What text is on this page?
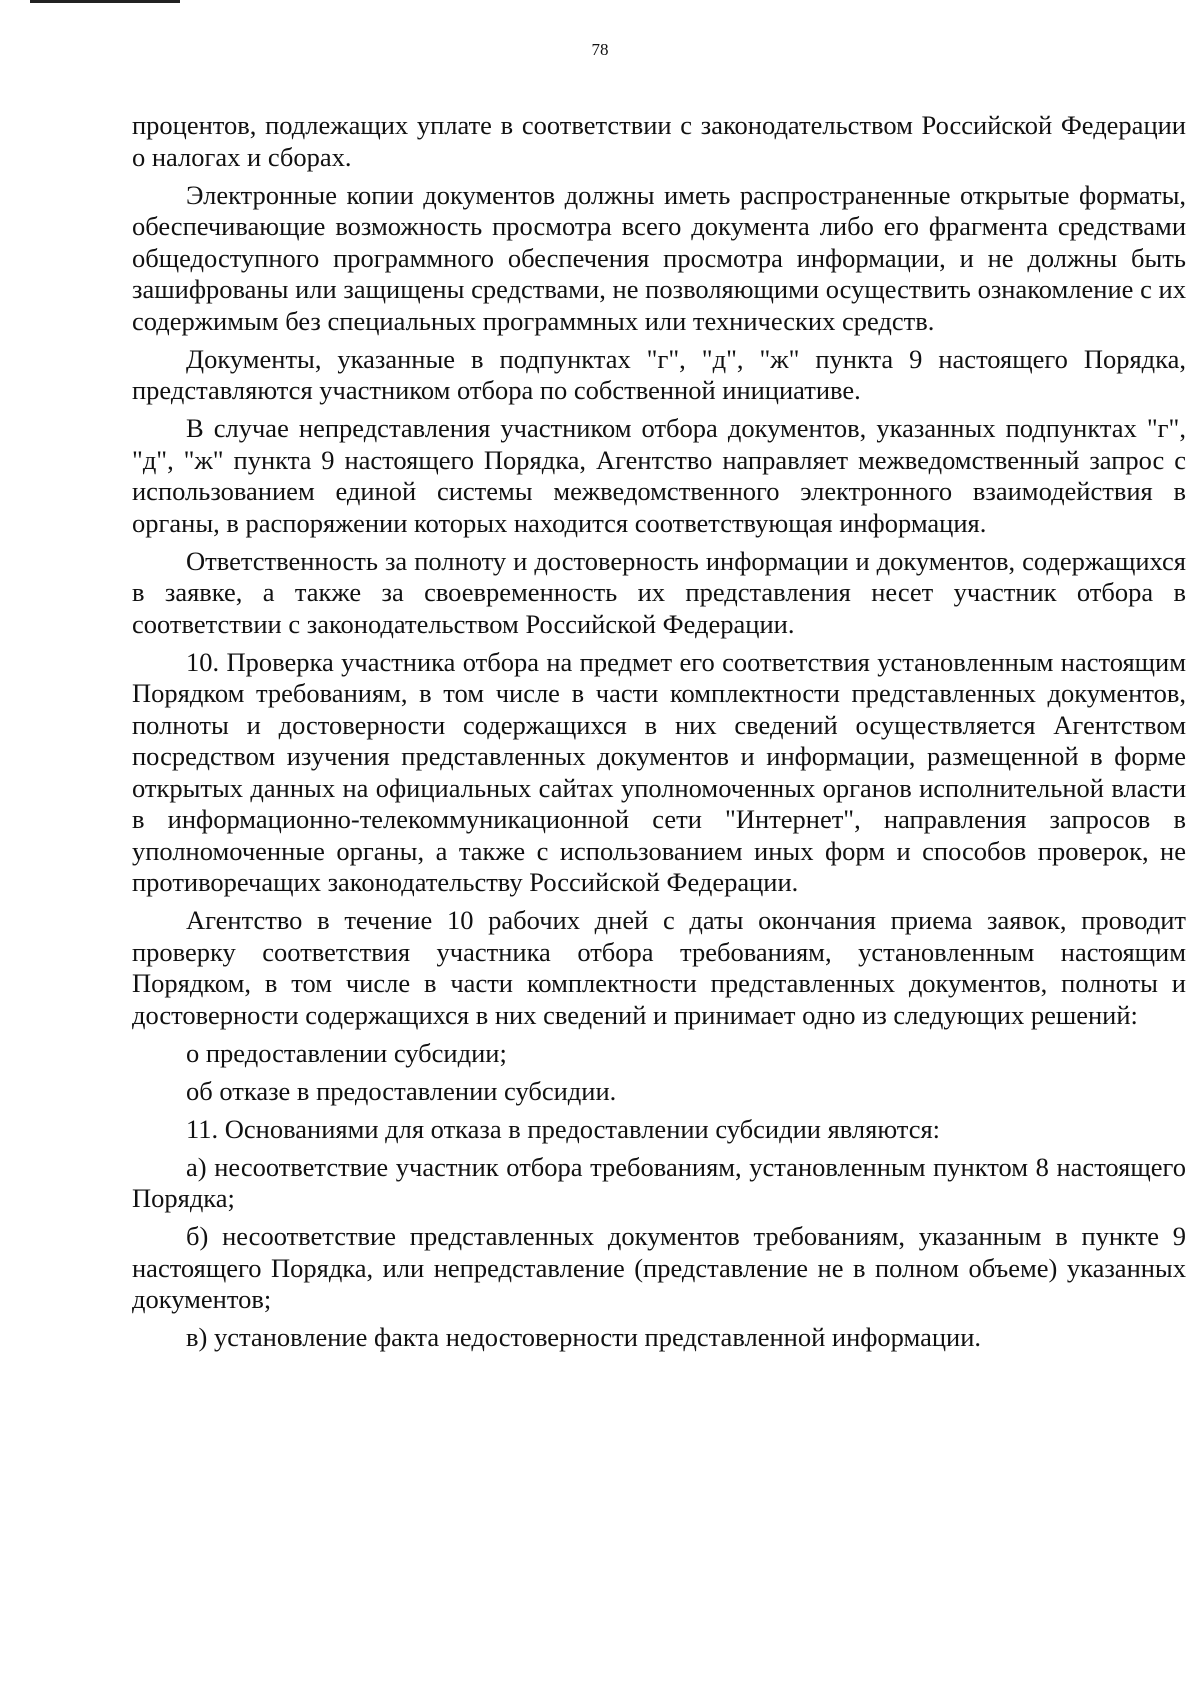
78

процентов, подлежащих уплате в соответствии с законодательством Российской Федерации о налогах и сборах.

Электронные копии документов должны иметь распространенные открытые форматы, обеспечивающие возможность просмотра всего документа либо его фрагмента средствами общедоступного программного обеспечения просмотра информации, и не должны быть зашифрованы или защищены средствами, не позволяющими осуществить ознакомление с их содержимым без специальных программных или технических средств.

Документы, указанные в подпунктах "г", "д", "ж" пункта 9 настоящего Порядка, представляются участником отбора по собственной инициативе.

В случае непредставления участником отбора документов, указанных подпунктах "г", "д", "ж" пункта 9 настоящего Порядка, Агентство направляет межведомственный запрос с использованием единой системы межведомственного электронного взаимодействия в органы, в распоряжении которых находится соответствующая информация.

Ответственность за полноту и достоверность информации и документов, содержащихся в заявке, а также за своевременность их представления несет участник отбора в соответствии с законодательством Российской Федерации.

10. Проверка участника отбора на предмет его соответствия установленным настоящим Порядком требованиям, в том числе в части комплектности представленных документов, полноты и достоверности содержащихся в них сведений осуществляется Агентством посредством изучения представленных документов и информации, размещенной в форме открытых данных на официальных сайтах уполномоченных органов исполнительной власти в информационно-телекоммуникационной сети "Интернет", направления запросов в уполномоченные органы, а также с использованием иных форм и способов проверок, не противоречащих законодательству Российской Федерации.

Агентство в течение 10 рабочих дней с даты окончания приема заявок, проводит проверку соответствия участника отбора требованиям, установленным настоящим Порядком, в том числе в части комплектности представленных документов, полноты и достоверности содержащихся в них сведений и принимает одно из следующих решений:

о предоставлении субсидии;

об отказе в предоставлении субсидии.

11. Основаниями для отказа в предоставлении субсидии являются:

а) несоответствие участник отбора требованиям, установленным пунктом 8 настоящего Порядка;

б) несоответствие представленных документов требованиям, указанным в пункте 9 настоящего Порядка, или непредставление (представление не в полном объеме) указанных документов;

в) установление факта недостоверности представленной информации.
